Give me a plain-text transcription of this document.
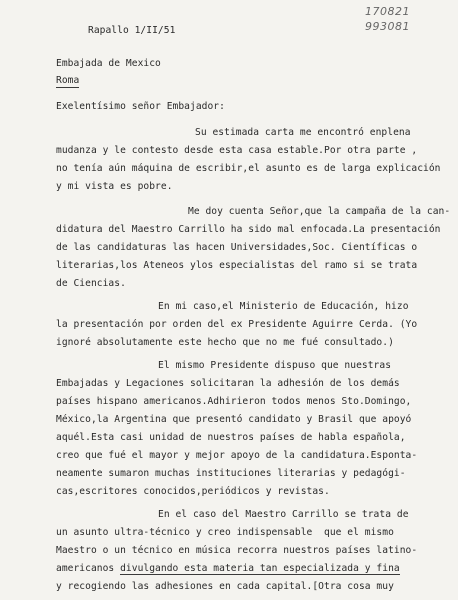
170821
993081
Rapallo 1/II/51
Embajada de Mexico
Roma
Exelentísimo señor Embajador:
Su estimada carta me encontró enplena
mudanza y le contesto desde esta casa estable.Por otra parte ,
no tenía aún máquina de escribir,el asunto es de larga explicación
y mi vista es pobre.
Me doy cuenta Señor,que la campaña de la can-
didatura del Maestro Carrillo ha sido mal enfocada.La presentación
de las candidaturas las hacen Universidades,Soc. Científicas o
literarias,los Ateneos ylos especialistas del ramo si se trata
de Ciencias.
En mi caso,el Ministerio de Educación, hizo
la presentación por orden del ex Presidente Aguirre Cerda. (Yo
ignoré absolutamente este hecho que no me fué consultado.)
El mismo Presidente dispuso que nuestras
Embajadas y Legaciones solicitaran la adhesión de los demás
países hispano americanos.Adhirieron todos menos Sto.Domingo,
México,la Argentina que presentó candidato y Brasil que apoyó
aquél.Esta casi unidad de nuestros países de habla española,
creo que fué el mayor y mejor apoyo de la candidatura.Esponta-
neamente sumaron muchas instituciones literarias y pedagógi-
cas,escritores conocidos,periódicos y revistas.
En el caso del Maestro Carrillo se trata de
un asunto ultra-técnico y creo indispensable  que el mismo
Maestro o un técnico en música recorra nuestros países latino-
americanos divulgando esta materia tan especializada y fina
y recogiendo las adhesiones en cada capital.[Otra cosa muy
